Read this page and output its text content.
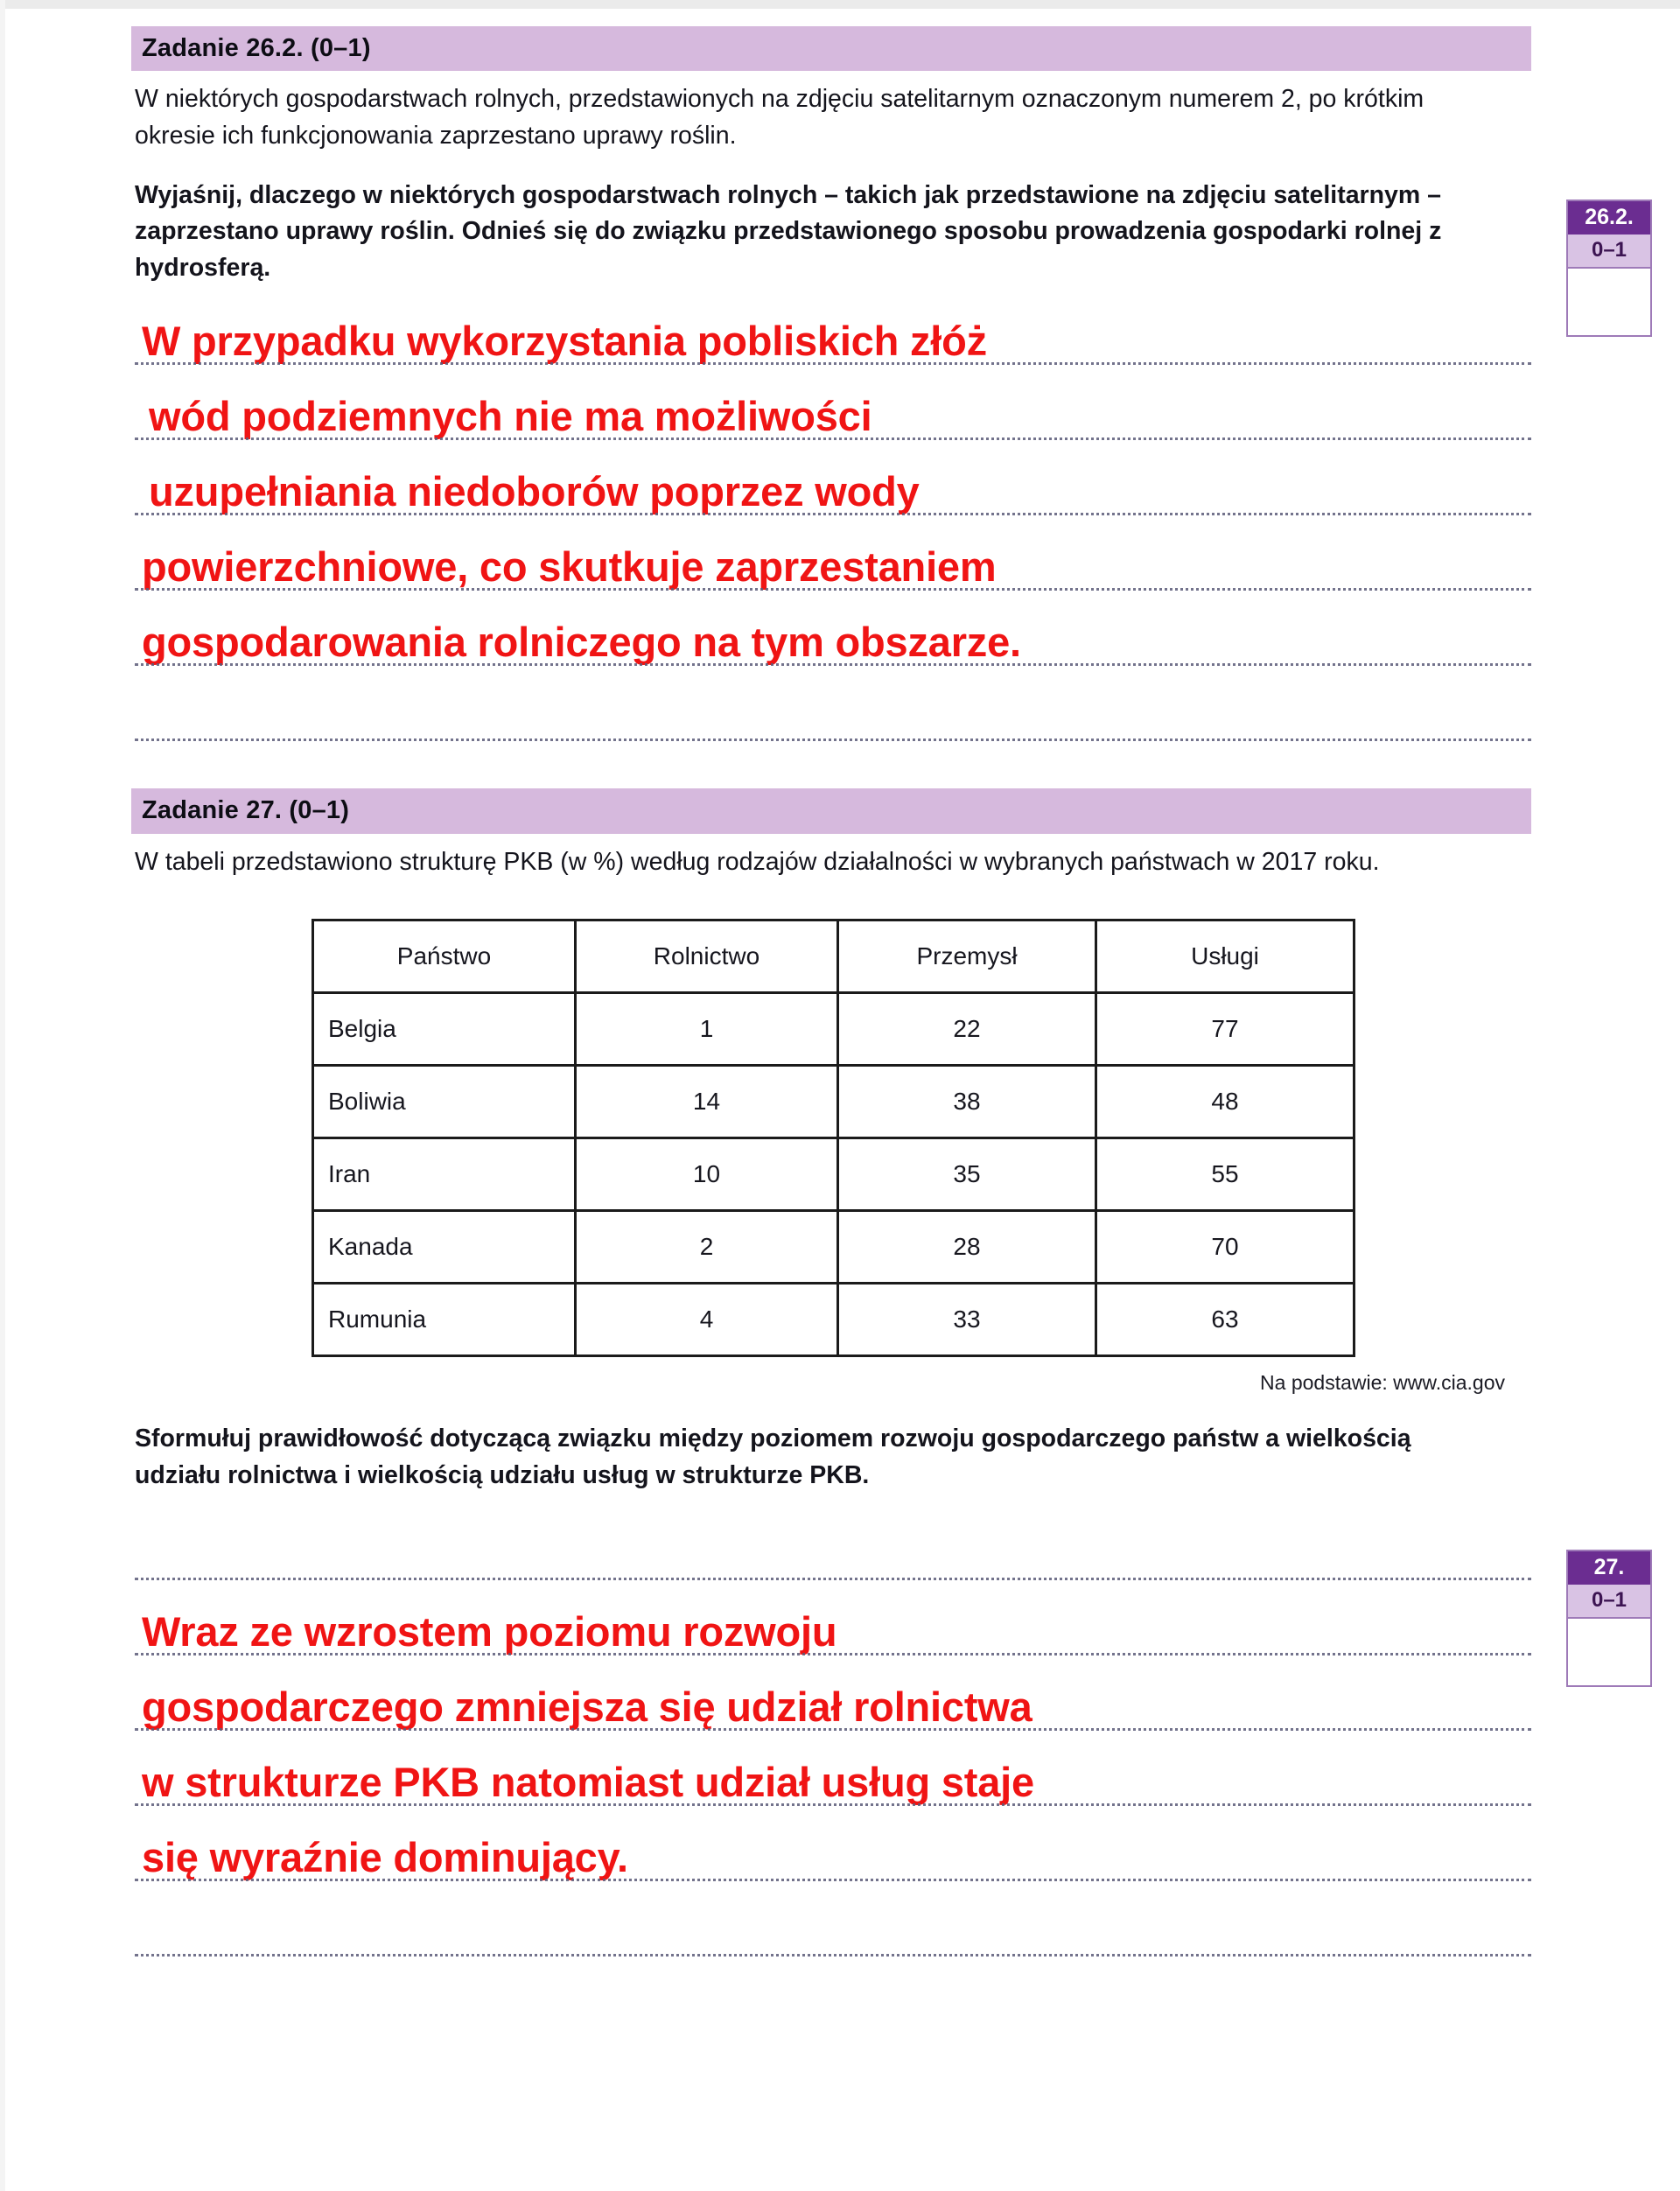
Zadanie 26.2. (0–1)
W niektórych gospodarstwach rolnych, przedstawionych na zdjęciu satelitarnym oznaczonym numerem 2, po krótkim okresie ich funkcjonowania zaprzestano uprawy roślin.
Wyjaśnij, dlaczego w niektórych gospodarstwach rolnych – takich jak przedstawione na zdjęciu satelitarnym – zaprzestano uprawy roślin. Odnieś się do związku przedstawionego sposobu prowadzenia gospodarki rolnej z hydrosferą.
W przypadku wykorzystania pobliskich złóż
wód podziemnych nie ma możliwości
uzupełniania niedoborów poprzez wody
powierzchniowe, co skutkuje zaprzestaniem
gospodarowania rolniczego na tym obszarze.
Zadanie 27. (0–1)
W tabeli przedstawiono strukturę PKB (w %) według rodzajów działalności w wybranych państwach w 2017 roku.
Państwo	Rolnictwo	Przemysł	Usługi
Belgia	1	22	77
Boliwia	14	38	48
Iran	10	35	55
Kanada	2	28	70
Rumunia	4	33	63
Na podstawie: www.cia.gov
Sformułuj prawidłowość dotyczącą związku między poziomem rozwoju gospodarczego państw a wielkością udziału rolnictwa i wielkością udziału usług w strukturze PKB.
Wraz ze wzrostem poziomu rozwoju
gospodarczego zmniejsza się udział rolnictwa
w strukturze PKB natomiast udział usług staje
się wyraźnie dominujący.
26.2.
0–1
27.
0–1
